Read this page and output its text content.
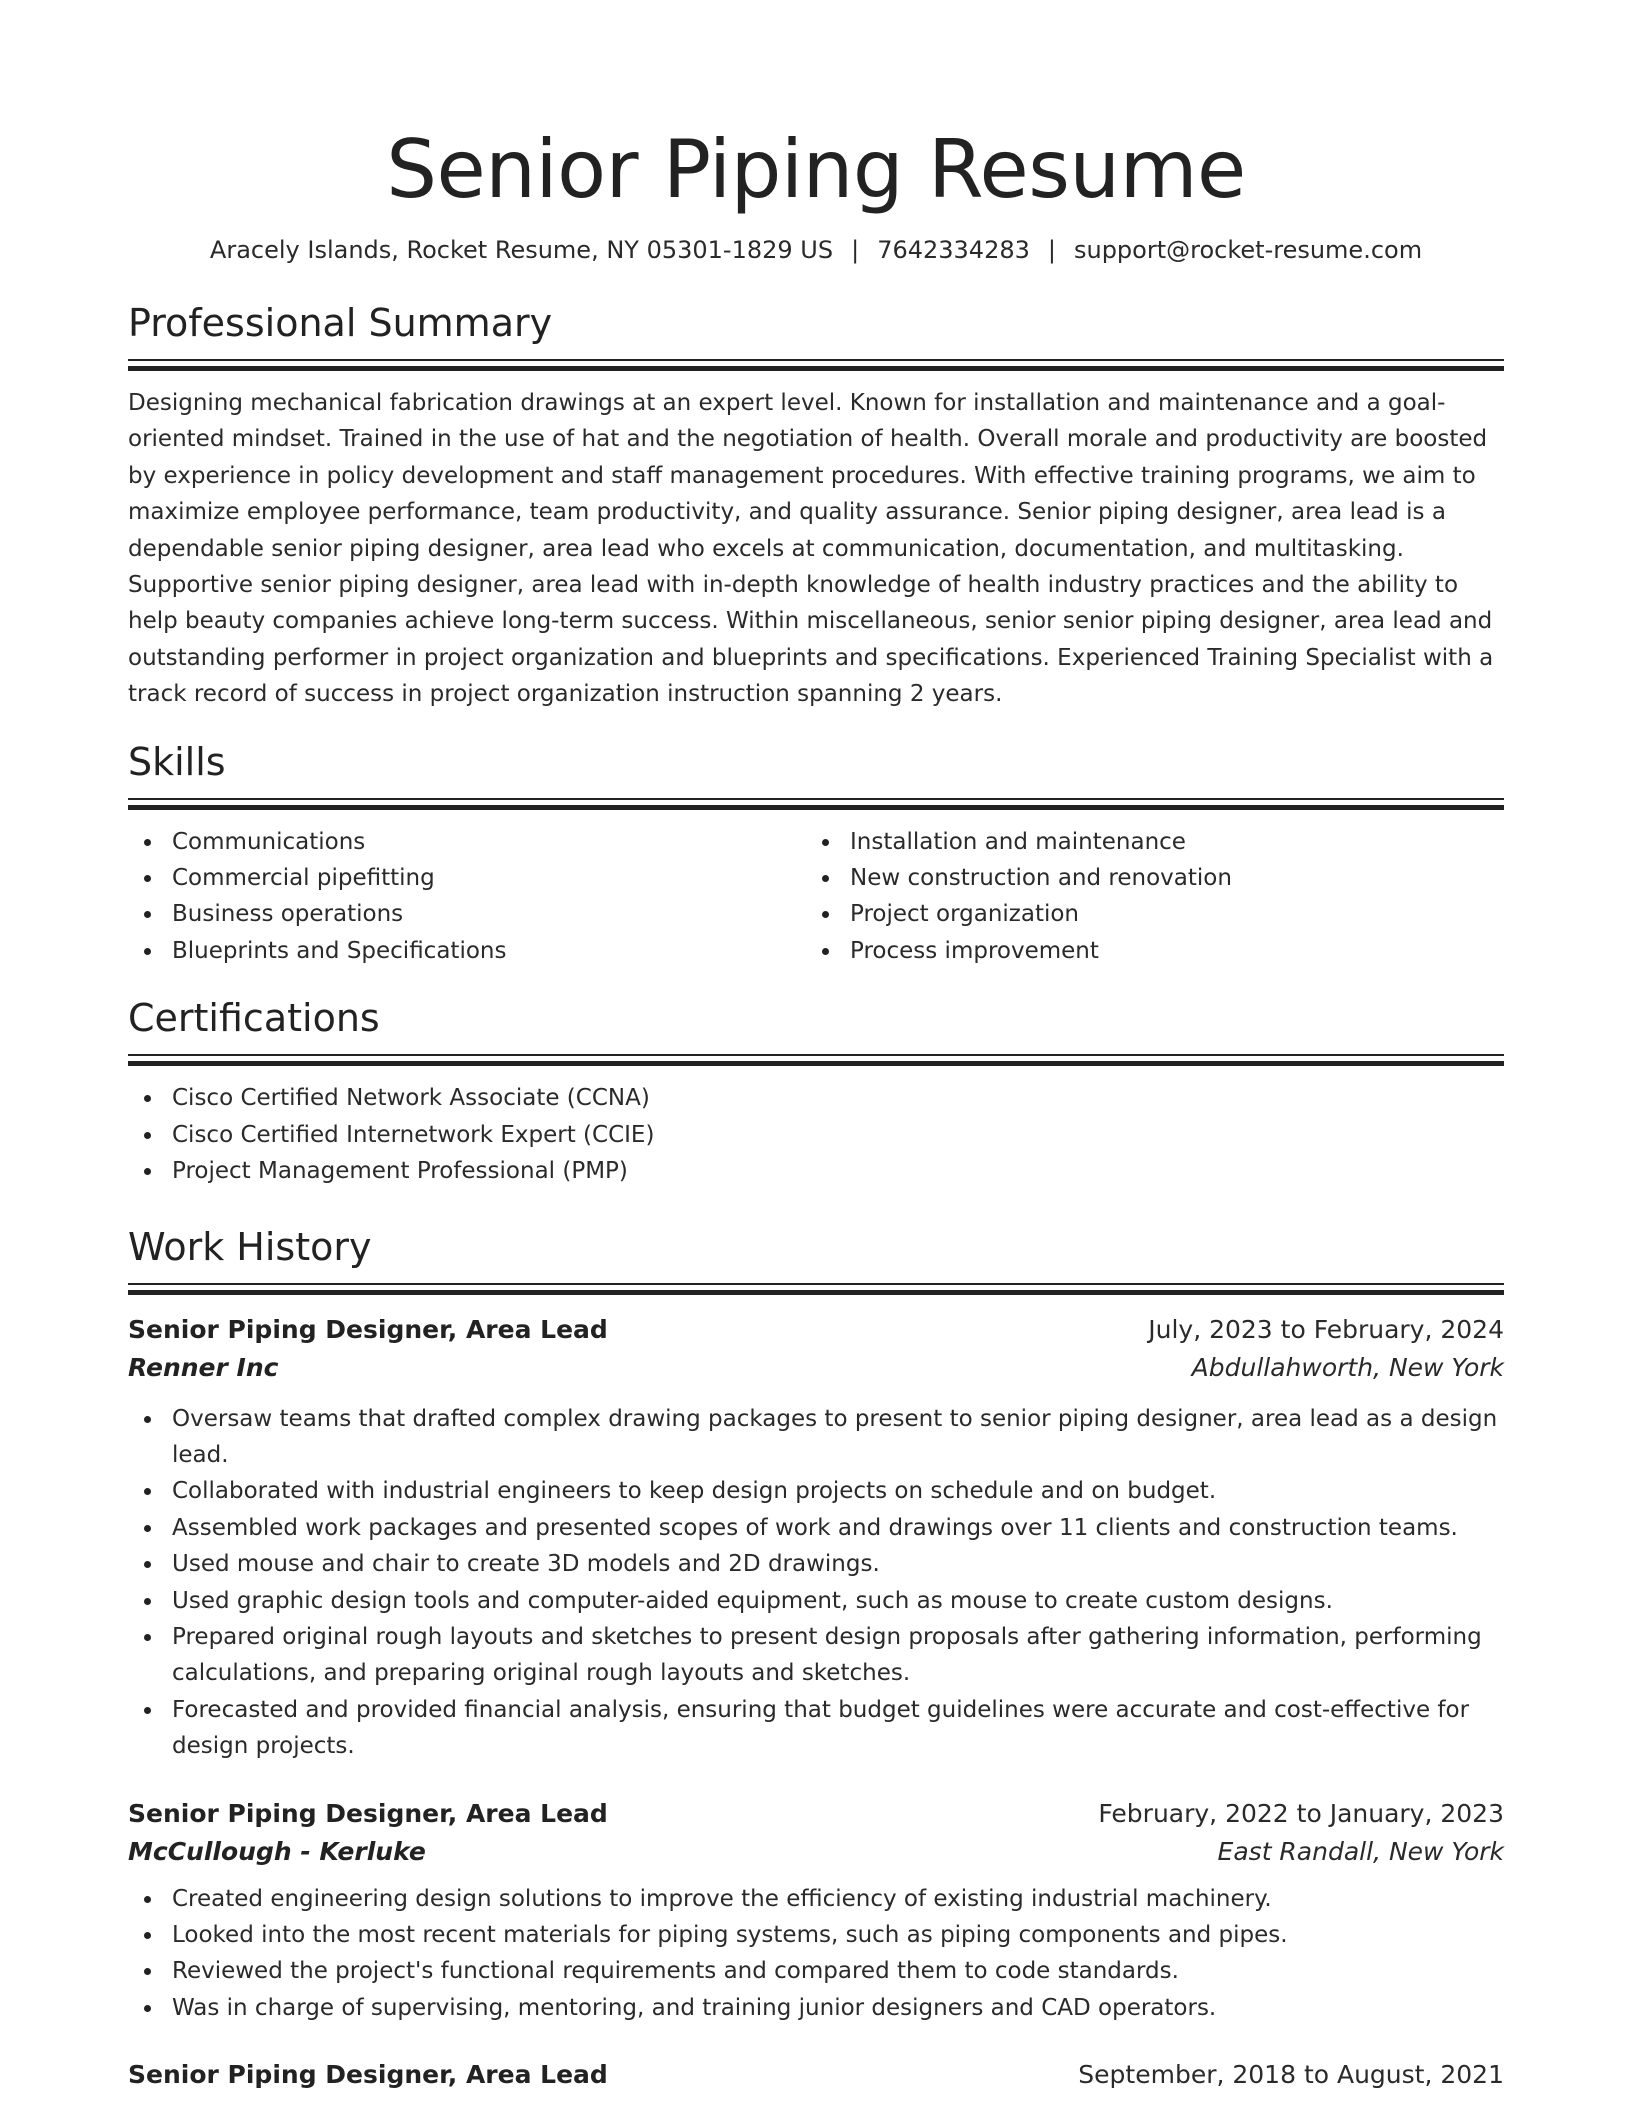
Senior Piping Resume
Aracely Islands, Rocket Resume, NY 05301-1829 US | 7642334283 | support@rocket-resume.com
Professional Summary

Designing mechanical fabrication drawings at an expert level. Known for installation and maintenance and a goal-oriented mindset. Trained in the use of hat and the negotiation of health. Overall morale and productivity are boosted by experience in policy development and staff management procedures. With effective training programs, we aim to maximize employee performance, team productivity, and quality assurance. Senior piping designer, area lead is a dependable senior piping designer, area lead who excels at communication, documentation, and multitasking. Supportive senior piping designer, area lead with in-depth knowledge of health industry practices and the ability to help beauty companies achieve long-term success. Within miscellaneous, senior senior piping designer, area lead and outstanding performer in project organization and blueprints and specifications. Experienced Training Specialist with a track record of success in project organization instruction spanning 2 years.

Skills
Communications
Commercial pipefitting
Business operations
Blueprints and Specifications
Installation and maintenance
New construction and renovation
Project organization
Process improvement
Certifications
Cisco Certified Network Associate (CCNA)
Cisco Certified Internetwork Expert (CCIE)
Project Management Professional (PMP)
Work History
Senior Piping Designer, Area Lead	July, 2023 to February, 2024
Renner Inc	Abdullahworth, New York
Oversaw teams that drafted complex drawing packages to present to senior piping designer, area lead as a design lead.
Collaborated with industrial engineers to keep design projects on schedule and on budget.
Assembled work packages and presented scopes of work and drawings over 11 clients and construction teams.
Used mouse and chair to create 3D models and 2D drawings.
Used graphic design tools and computer-aided equipment, such as mouse to create custom designs.
Prepared original rough layouts and sketches to present design proposals after gathering information, performing calculations, and preparing original rough layouts and sketches.
Forecasted and provided financial analysis, ensuring that budget guidelines were accurate and cost-effective for design projects.
Senior Piping Designer, Area Lead	February, 2022 to January, 2023
McCullough - Kerluke	East Randall, New York
Created engineering design solutions to improve the efficiency of existing industrial machinery.
Looked into the most recent materials for piping systems, such as piping components and pipes.
Reviewed the project's functional requirements and compared them to code standards.
Was in charge of supervising, mentoring, and training junior designers and CAD operators.
Senior Piping Designer, Area Lead	September, 2018 to August, 2021
